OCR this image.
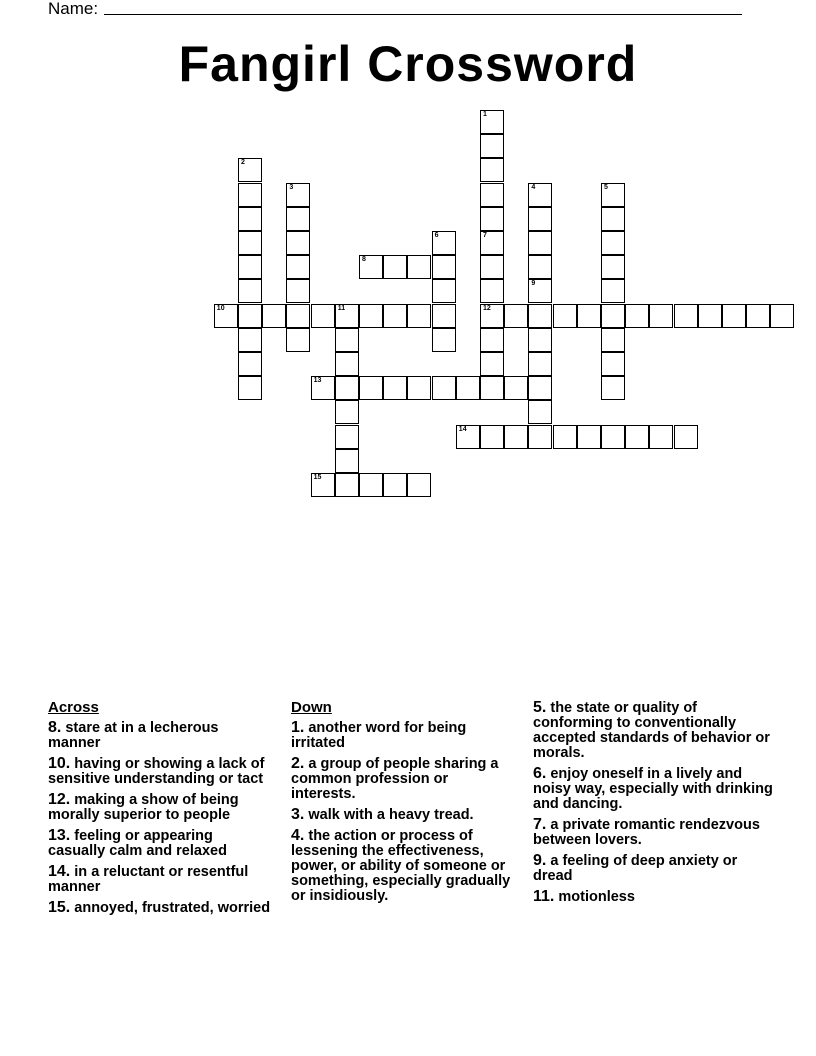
Name:
Fangirl Crossword
1
7
12
2
3	4
9
5
6
8
10	11
13
14
15
Across
8. stare at in a lecherous manner
10. having or showing a lack of sensitive understanding or tact
12. making a show of being morally superior to people
13. feeling or appearing casually calm and relaxed
14. in a reluctant or resentful manner
15. annoyed, frustrated, worried
Down
1. another word for being irritated
2. a group of people sharing a common profession or interests.
3. walk with a heavy tread.
4. the action or process of lessening the effectiveness, power, or ability of someone or something, especially gradually or insidiously.
5. the state or quality of conforming to conventionally accepted standards of behavior or morals.
6. enjoy oneself in a lively and noisy way, especially with drinking and dancing.
7. a private romantic rendezvous between lovers.
9. a feeling of deep anxiety or dread
11. motionless
